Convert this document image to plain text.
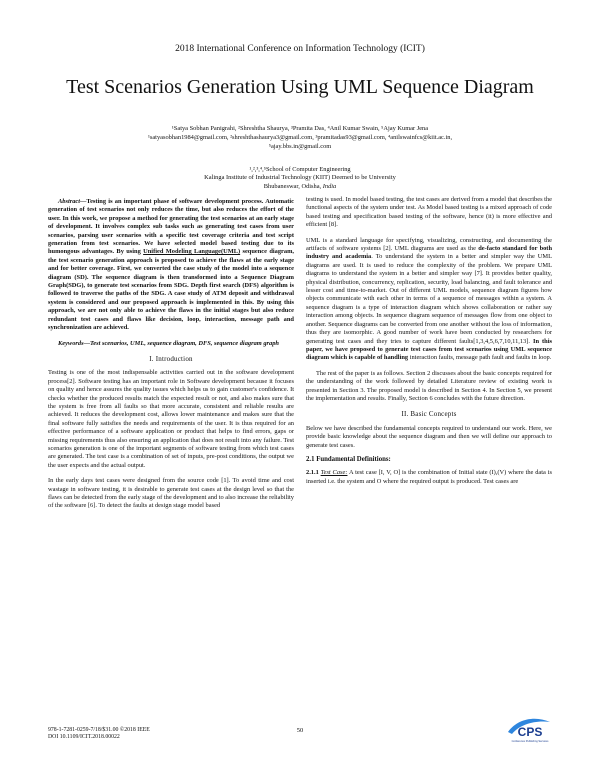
2018 International Conference on Information Technology (ICIT)
Test Scenarios Generation Using UML Sequence Diagram
¹Satya Sobhan Panigrahi, ²Shreshtha Shaurya, ³Pramita Das, ⁴Anil Kumar Swain, ⁵Ajay Kumar Jena
¹satyasobhan1984@gmail.com, ²shreshthashaurya3@gmail.com, ³pramitadas93@gmail.com, ⁴anilswainfcs@kiit.ac.in,
⁵ajay.bbs.in@gmail.com
¹,²,³,⁴,⁵School of Computer Engineering
Kalinga Institute of Industrial Technology (KIIT) Deemed to be University
Bhubaneswar, Odisha, India

Abstract—Testing is an important phase of software development process. Automatic generation of test scenarios not only reduces the time, but also reduces the effort of the user. In this work, we propose a method for generating the test scenarios at an early stage of development. It involves complex sub tasks such as generating test cases from user scenarios, parsing user scenarios with a specific test coverage criteria and test script generation from test scenarios. We have selected model based testing due to its humongous advantages. By using Unified Modeling Language(UML) sequence diagram, the test scenario generation approach is proposed to achieve the flaws at the early stage and for better coverage. First, we converted the case study of the model into a sequence diagram (SD). The sequence diagram is then transformed into a Sequence Diagram Graph(SDG), to generate test scenarios from SDG. Depth first search (DFS) algorithm is followed to traverse the paths of the SDG. A case study of ATM deposit and withdrawal system is considered and our proposed approach is implemented in this. By using this approach, we are not only able to achieve the flaws in the initial stages but also reduce redundant test cases and flaws like decision, loop, interaction, message path and synchronization are achieved.

Keywords—Test scenarios, UML, sequence diagram, DFS, sequence diagram graph

I. Introduction

Testing is one of the most indispensable activities carried out in the software development process[2]. Software testing has an important role in Software development because it focuses on quality and hence assures the quality issues which helps us to gain customer's confidence. It checks whether the produced results match the expected result or not, and also makes sure that the system is free from all faults so that more accurate, consistent and reliable results are achieved. It reduces the development cost, allows lower maintenance and makes sure that the final software fully satisfies the needs and requirements of the user. It is thus required for an effective performance of a software application or product that helps to find errors, gaps or missing requirements thus also ensuring an application that does not result into any failure. Test scenarios generation is one of the important segments of software testing from which test cases are generated. The test case is a combination of set of inputs, pre-post conditions, the output we the user expects and the actual output.

In the early days test cases were designed from the source code [1]. To avoid time and cost wastage in software testing, it is desirable to generate test cases at the design level so that the flaws can be detected from the early stage of the development and to also increase the reliability of the software [6]. To detect the faults at design stage model based

testing is used. In model based testing, the test cases are derived from a model that describes the functional aspects of the system under test. As Model based testing is a mixed approach of code based testing and specification based testing of the software, hence (it) is more effective and efficient [8].

UML is a standard language for specifying, visualizing, constructing, and documenting the artifacts of software systems [2]. UML diagrams are used as the de-facto standard for both industry and academia. To understand the system in a better and simpler way the UML diagrams are used. It is used to reduce the complexity of the problem. We prepare UML diagrams to understand the system in a better and simpler way [7]. It provides better quality, physical distribution, concurrency, replication, security, load balancing, and fault tolerance and lesser cost and time-to-market. Out of different UML models, sequence diagram figures how objects communicate with each other in terms of a sequence of messages within a system. A sequence diagram is a type of interaction diagram which shows collaboration or rather say interaction among objects. In sequence diagram sequence of messages flow from one object to another. Sequence diagrams can be converted from one another without the loss of information, thus they are isomorphic. A good number of work have been conducted by researchers for generating test cases and they tries to capture different faults[1,3,4,5,6,7,10,11,13]. In this paper, we have proposed to generate test cases from test scenarios using UML sequence diagram which is capable of handling interaction faults, message path fault and faults in loop.

The rest of the paper is as follows. Section 2 discusses about the basic concepts required for the understanding of the work followed by detailed Literature review of existing work is presented in Section 3. The proposed model is described in Section 4. In Section 5, we present the implementation and results. Finally, Section 6 concludes with the future direction.

II. Basic Concepts

Below we have described the fundamental concepts required to understand our work. Here, we provide basic knowledge about the sequence diagram and then we will define our approach to generate test cases.

2.1 Fundamental Definitions:

2.1.1 Test Case: A test case [I, V, O] is the combination of Initial state (I),(V) where the data is inserted i.e. the system and O where the required output is produced. Test cases are

978-1-7281-0259-7/18/$31.00 ©2018 IEEE
DOI 10.1109/ICIT.2018.00022
50	CPS
Conference Publishing Services
